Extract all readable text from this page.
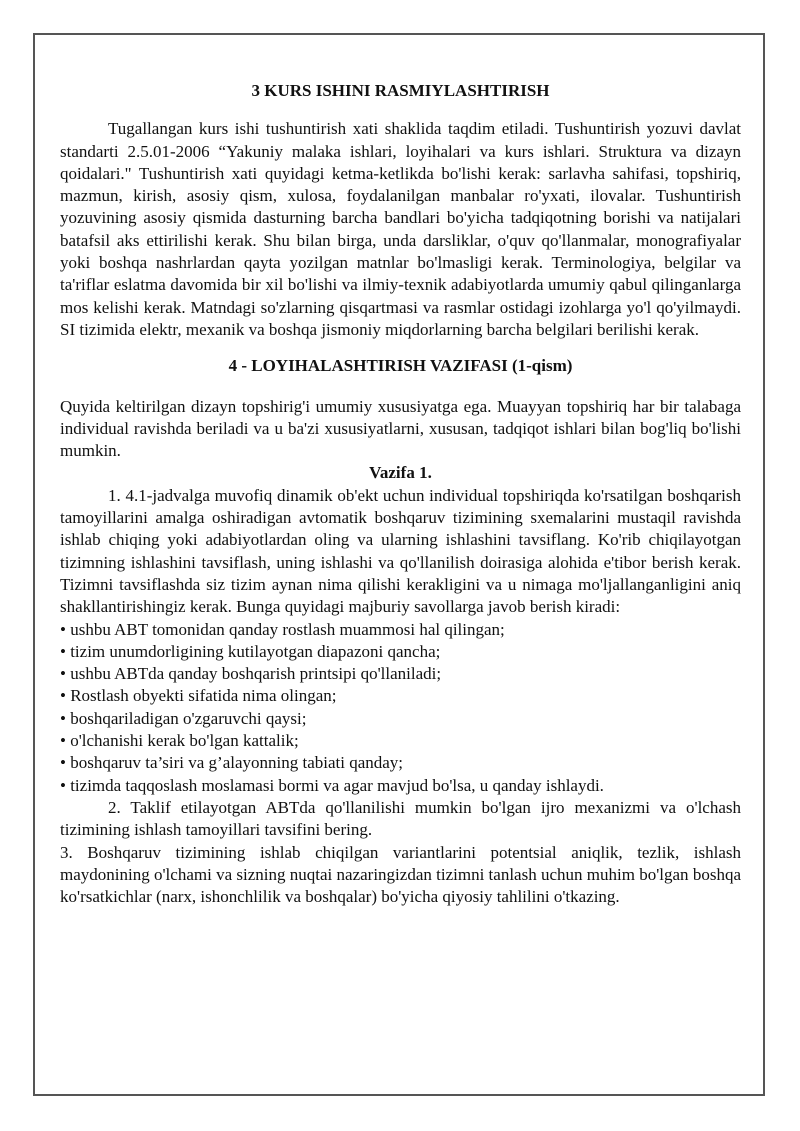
3 KURS ISHINI RASMIYLASHTIRISH

Tugallangan kurs ishi tushuntirish xati shaklida taqdim etiladi. Tushuntirish yozuvi davlat standarti 2.5.01-2006 “Yakuniy malaka ishlari, loyihalari va kurs ishlari. Struktura va dizayn qoidalari." Tushuntirish xati quyidagi ketma-ketlikda bo'lishi kerak: sarlavha sahifasi, topshiriq, mazmun, kirish, asosiy qism, xulosa, foydalanilgan manbalar ro'yxati, ilovalar. Tushuntirish yozuvining asosiy qismida dasturning barcha bandlari bo'yicha tadqiqotning borishi va natijalari batafsil aks ettirilishi kerak. Shu bilan birga, unda darsliklar, o'quv qo'llanmalar, monografiyalar yoki boshqa nashrlardan qayta yozilgan matnlar bo'lmasligi kerak. Terminologiya, belgilar va ta'riflar eslatma davomida bir xil bo'lishi va ilmiy-texnik adabiyotlarda umumiy qabul qilinganlarga mos kelishi kerak. Matndagi so'zlarning qisqartmasi va rasmlar ostidagi izohlarga yo'l qo'yilmaydi. SI tizimida elektr, mexanik va boshqa jismoniy miqdorlarning barcha belgilari berilishi kerak.

4 - LOYIHALASHTIRISH VAZIFASI (1-qism)

Quyida keltirilgan dizayn topshirig'i umumiy xususiyatga ega. Muayyan topshiriq har bir talabaga individual ravishda beriladi va u ba'zi xususiyatlarni, xususan, tadqiqot ishlari bilan bog'liq bo'lishi mumkin.

Vazifa 1.

1. 4.1-jadvalga muvofiq dinamik ob'ekt uchun individual topshiriqda ko'rsatilgan boshqarish tamoyillarini amalga oshiradigan avtomatik boshqaruv tizimining sxemalarini mustaqil ravishda ishlab chiqing yoki adabiyotlardan oling va ularning ishlashini tavsiflang. Ko'rib chiqilayotgan tizimning ishlashini tavsiflash, uning ishlashi va qo'llanilish doirasiga alohida e'tibor berish kerak. Tizimni tavsiflashda siz tizim aynan nima qilishi kerakligini va u nimaga mo'ljallanganligini aniq shakllantirishingiz kerak. Bunga quyidagi majburiy savollarga javob berish kiradi:

• ushbu ABT tomonidan qanday rostlash muammosi hal qilingan;
• tizim unumdorligining kutilayotgan diapazoni qancha;
• ushbu ABTda qanday boshqarish printsipi qo'llaniladi;
• Rostlash obyekti sifatida nima olingan;
• boshqariladigan o'zgaruvchi qaysi;
• o'lchanishi kerak bo'lgan kattalik;
• boshqaruv ta’siri va g’alayonning tabiati qanday;
• tizimda taqqoslash moslamasi bormi va agar mavjud bo'lsa, u qanday ishlaydi.

2. Taklif etilayotgan ABTda qo'llanilishi mumkin bo'lgan ijro mexanizmi va o'lchash tizimining ishlash tamoyillari tavsifini bering.

3. Boshqaruv tizimining ishlab chiqilgan variantlarini potentsial aniqlik, tezlik, ishlash maydonining o'lchami va sizning nuqtai nazaringizdan tizimni tanlash uchun muhim bo'lgan boshqa ko'rsatkichlar (narx, ishonchlilik va boshqalar) bo'yicha qiyosiy tahlilini o'tkazing.
